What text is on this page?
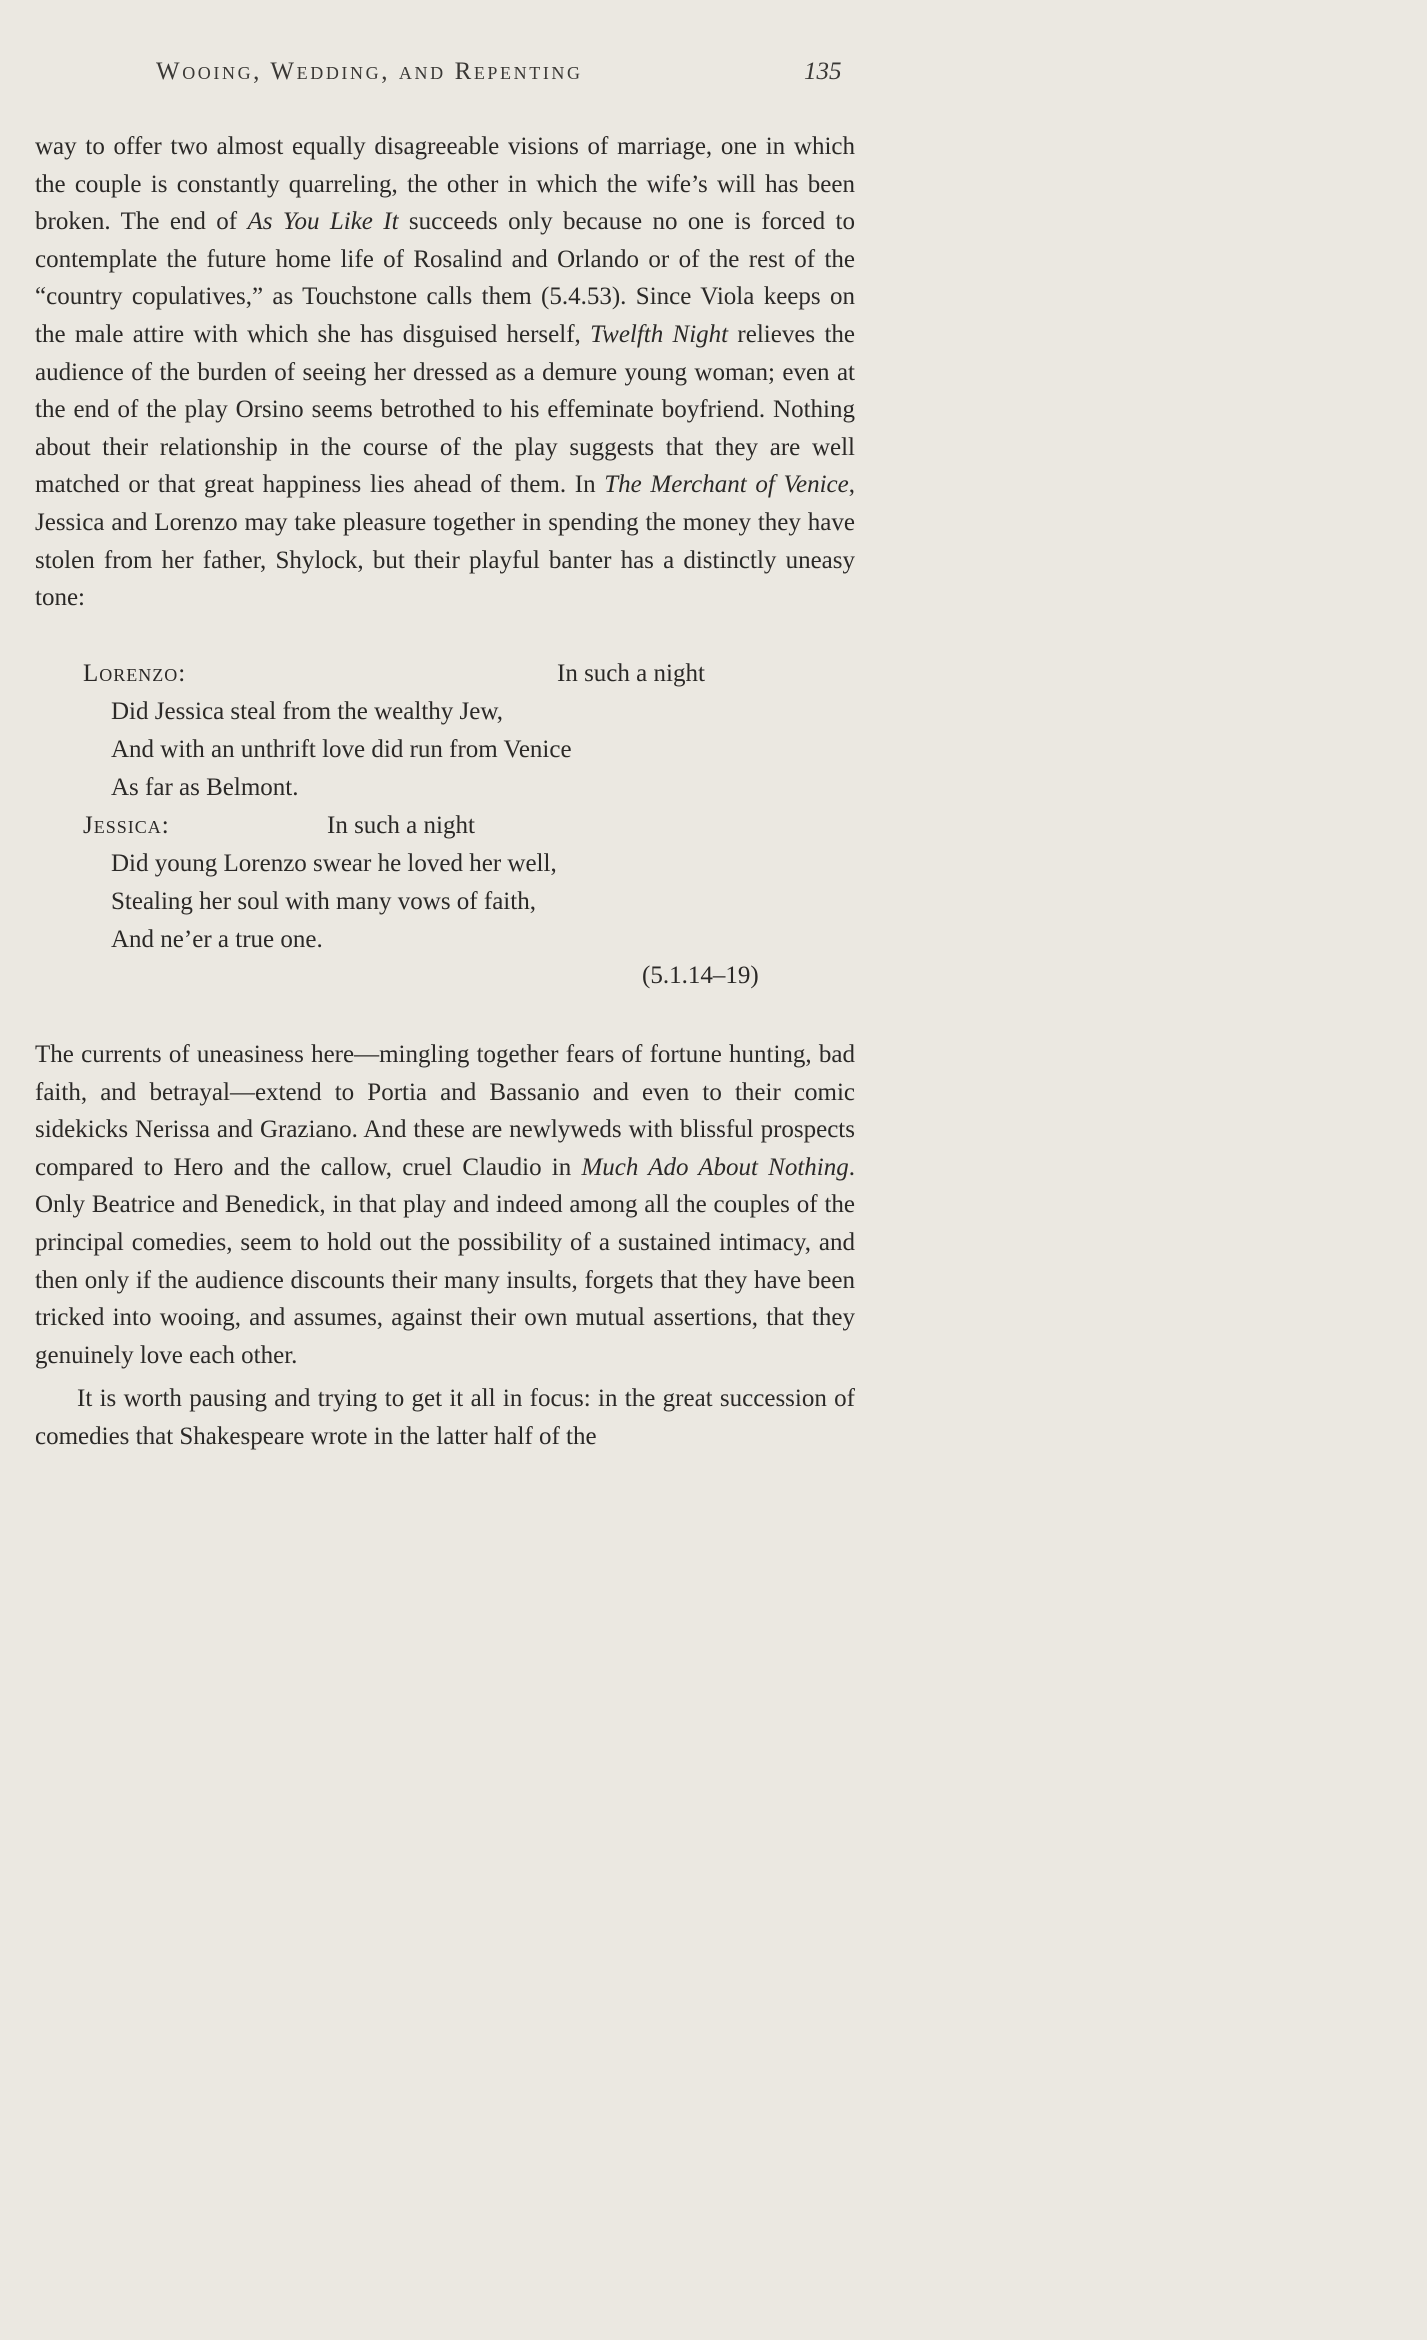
Wooing, Wedding, and Repenting	135

way to offer two almost equally disagreeable visions of marriage, one in which the couple is constantly quarreling, the other in which the wife’s will has been broken. The end of As You Like It succeeds only because no one is forced to contemplate the future home life of Rosalind and Orlando or of the rest of the “country copulatives,” as Touchstone calls them (5.4.53). Since Viola keeps on the male attire with which she has disguised herself, Twelfth Night relieves the audience of the burden of seeing her dressed as a demure young woman; even at the end of the play Orsino seems betrothed to his effeminate boyfriend. Nothing about their relationship in the course of the play suggests that they are well matched or that great happiness lies ahead of them. In The Merchant of Venice, Jessica and Lorenzo may take pleasure together in spending the money they have stolen from her father, Shylock, but their playful banter has a distinctly uneasy tone:

Lorenzo:	In such a night
Did Jessica steal from the wealthy Jew,
And with an unthrift love did run from Venice
As far as Belmont.
Jessica:	In such a night
Did young Lorenzo swear he loved her well,
Stealing her soul with many vows of faith,
And ne’er a true one.
(5.1.14–19)

The currents of uneasiness here—mingling together fears of fortune hunting, bad faith, and betrayal—extend to Portia and Bassanio and even to their comic sidekicks Nerissa and Graziano. And these are newlyweds with blissful prospects compared to Hero and the callow, cruel Claudio in Much Ado About Nothing. Only Beatrice and Benedick, in that play and indeed among all the couples of the principal comedies, seem to hold out the possibility of a sustained intimacy, and then only if the audience discounts their many insults, forgets that they have been tricked into wooing, and assumes, against their own mutual assertions, that they genuinely love each other.

It is worth pausing and trying to get it all in focus: in the great succession of comedies that Shakespeare wrote in the latter half of the
